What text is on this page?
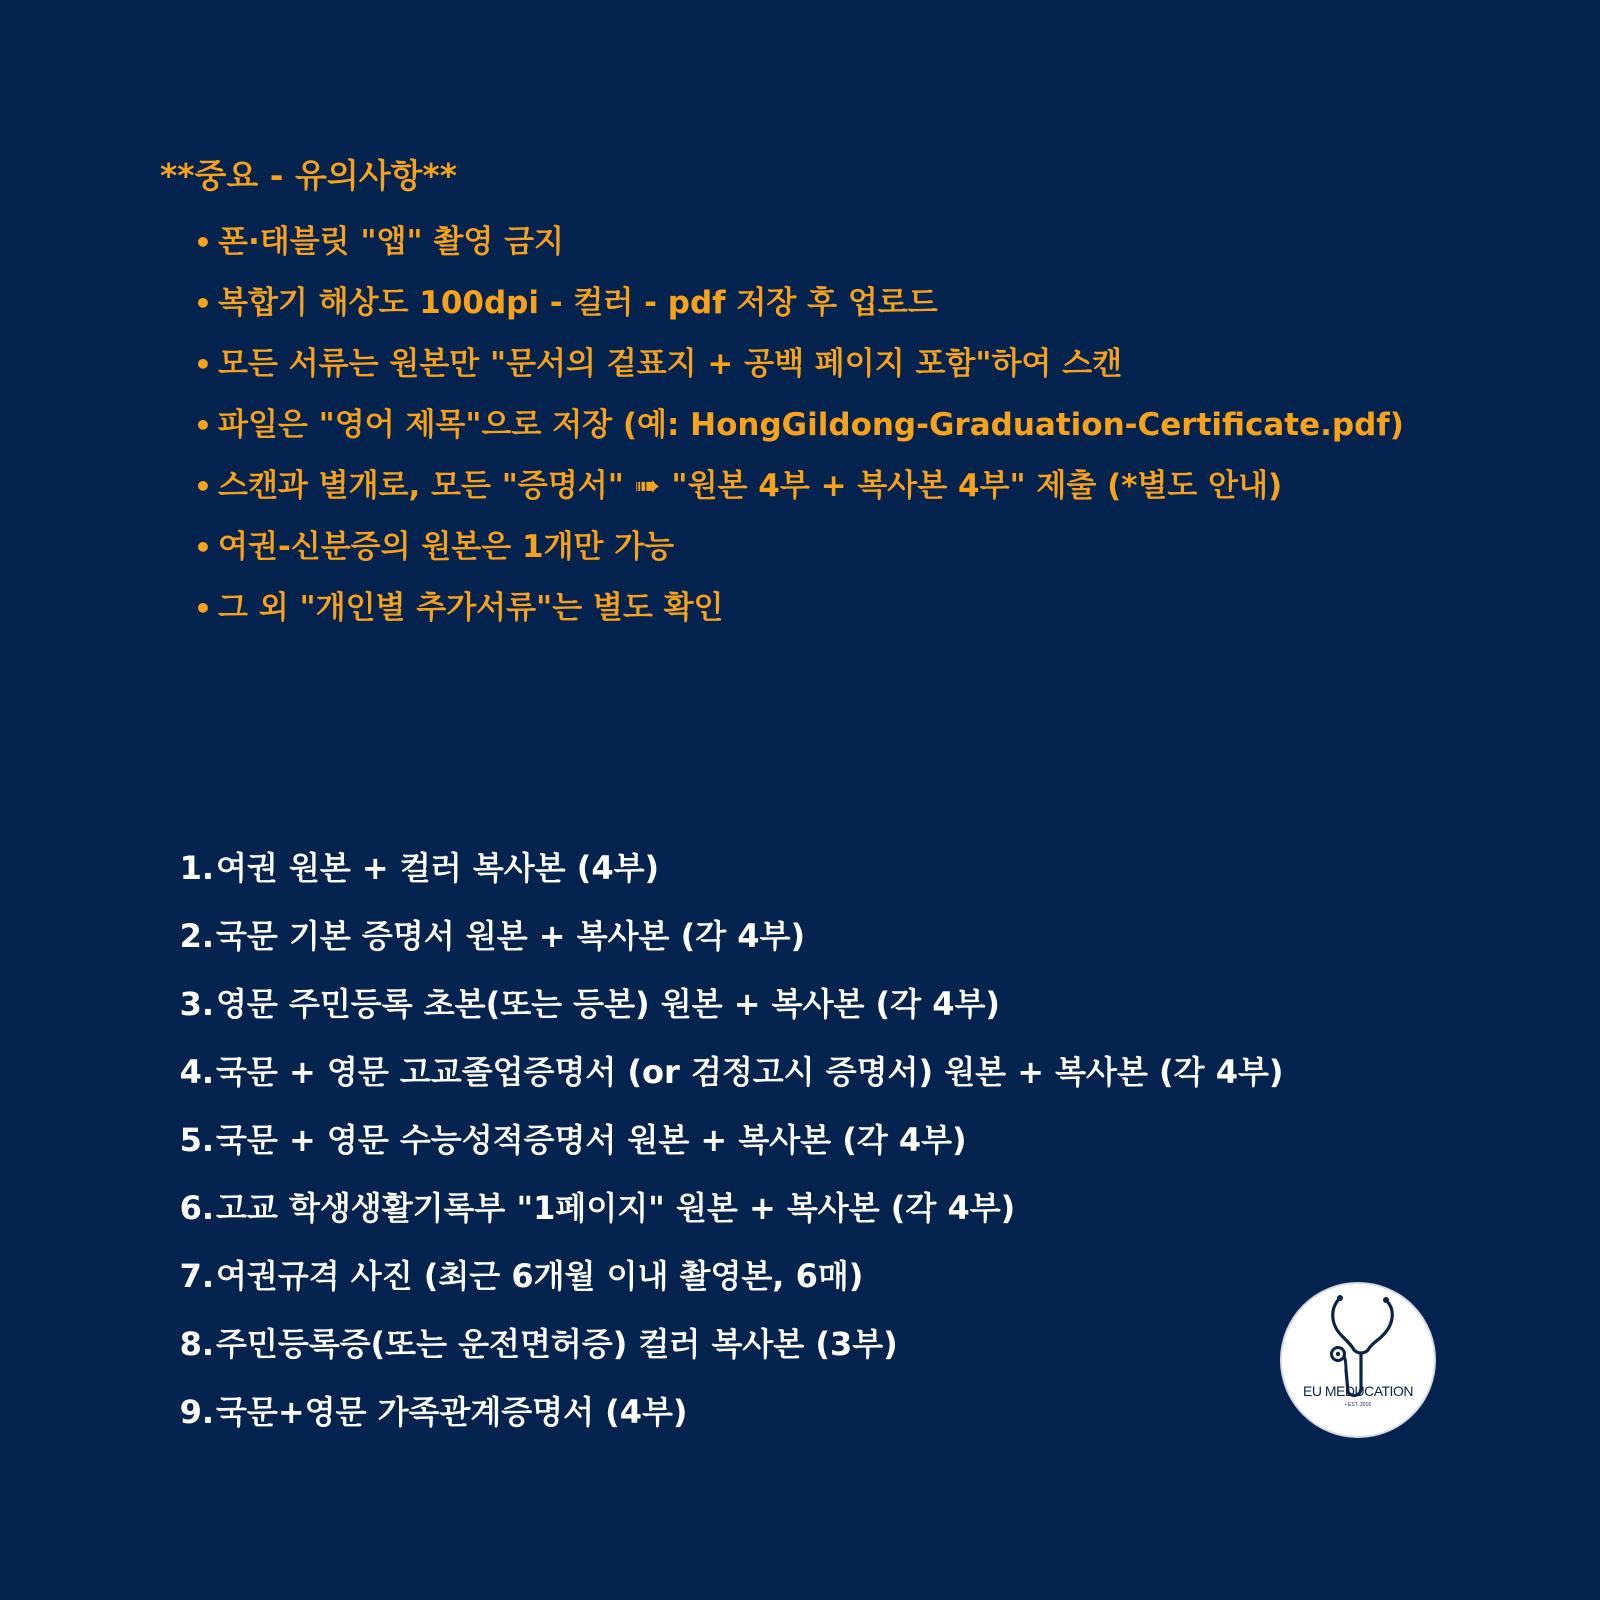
**중요 - 유의사항**
• 폰·태블릿 "앱" 촬영 금지
• 복합기 해상도 100dpi - 컬러 - pdf 저장 후 업로드
• 모든 서류는 원본만 "문서의 겉표지 + 공백 페이지 포함"하여 스캔
• 파일은 "영어 제목"으로 저장 (예: HongGildong-Graduation-Certificate.pdf)
• 스캔과 별개로, 모든 "증명서" ➠ "원본 4부 + 복사본 4부" 제출 (*별도 안내)
• 여권-신분증의 원본은 1개만 가능
• 그 외 "개인별 추가서류"는 별도 확인
1.여권 원본 + 컬러 복사본 (4부)
2.국문 기본 증명서 원본 + 복사본 (각 4부)
3.영문 주민등록 초본(또는 등본) 원본 + 복사본 (각 4부)
4.국문 + 영문 고교졸업증명서 (or 검정고시 증명서) 원본 + 복사본 (각 4부)
5.국문 + 영문 수능성적증명서 원본 + 복사본 (각 4부)
6.고교 학생생활기록부 "1페이지" 원본 + 복사본 (각 4부)
7.여권규격 사진 (최근 6개월 이내 촬영본, 6매)
8.주민등록증(또는 운전면허증) 컬러 복사본 (3부)
9.국문+영문 가족관계증명서 (4부)
EU MEDUCATION
• EST. 2016
